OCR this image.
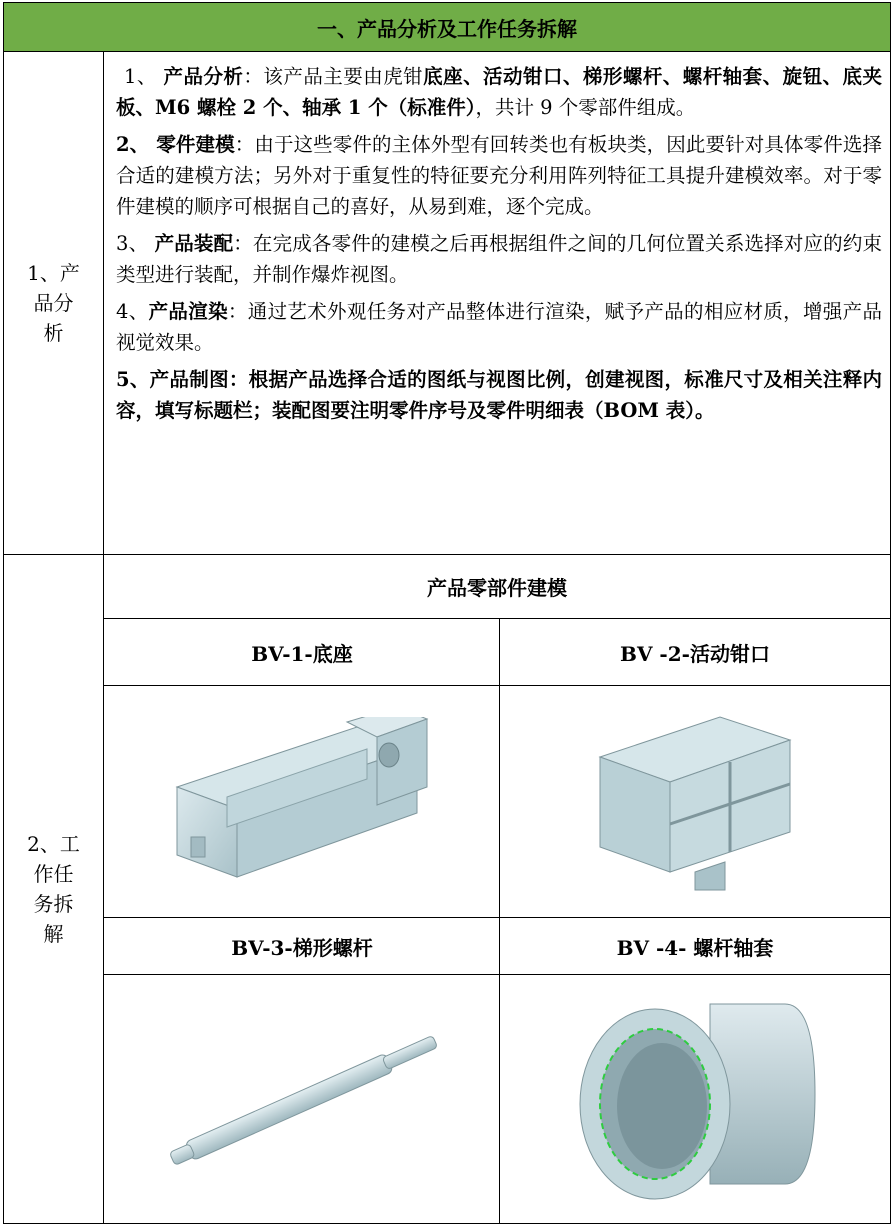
一、产品分析及工作任务拆解
1、产品分析

1、 产品分析：该产品主要由虎钳底座、活动钳口、梯形螺杆、螺杆轴套、旋钮、底夹板、M6 螺栓 2 个、轴承 1 个（标准件），共计 9 个零部件组成。

2、 零件建模：由于这些零件的主体外型有回转类也有板块类，因此要针对具体零件选择合适的建模方法；另外对于重复性的特征要充分利用阵列特征工具提升建模效率。对于零件建模的顺序可根据自己的喜好，从易到难，逐个完成。

3、 产品装配：在完成各零件的建模之后再根据组件之间的几何位置关系选择对应的约束类型进行装配，并制作爆炸视图。

4、产品渲染：通过艺术外观任务对产品整体进行渲染，赋予产品的相应材质，增强产品视觉效果。

5、产品制图：根据产品选择合适的图纸与视图比例，创建视图，标准尺寸及相关注释内容，填写标题栏；装配图要注明零件序号及零件明细表（BOM 表）。

2、工作任务拆解
产品零部件建模
BV-1-底座	BV -2-活动钳口
BV-3-梯形螺杆	BV -4- 螺杆轴套
